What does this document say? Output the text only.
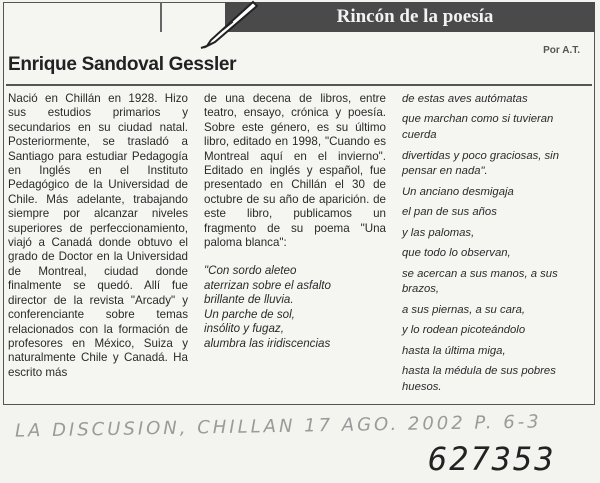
Rincón de la poesía
Por A.T.
Enrique Sandoval Gessler

Nació en Chillán en 1928. Hizo sus estudios primarios y secundarios en su ciudad natal. Posteriormente, se trasladó a Santiago para estudiar Pedagogía en Inglés en el Instituto Pedagógico de la Universidad de Chile. Más adelante, trabajando siempre por alcanzar niveles superiores de perfeccionamiento, viajó a Canadá donde obtuvo el grado de Doctor en la Universidad de Montreal, ciudad donde finalmente se quedó. Allí fue director de la revista "Arcady" y conferenciante sobre temas relacionados con la formación de profesores en México, Suiza y naturalmente Chile y Canadá. Ha escrito más

de una decena de libros, entre teatro, ensayo, crónica y poesía. Sobre este género, es su último libro, editado en 1998, "Cuando es Montreal aquí en el invierno". Editado en inglés y español, fue presentado en Chillán el 30 de octubre de su año de aparición. de este libro, publicamos un fragmento de su poema "Una paloma blanca":

"Con sordo aleteo
aterrizan sobre el asfalto
brillante de lluvia.
Un parche de sol,
insólito y fugaz,
alumbra las iridiscencias
de estas aves autómatas
que marchan como si tuvieran cuerda
divertidas y poco graciosas, sin pensar en nada".
Un anciano desmigaja
el pan de sus años
y las palomas,
que todo lo observan,
se acercan a sus manos, a sus brazos,
a sus piernas, a su cara,
y lo rodean picoteándolo
hasta la última miga,
hasta la médula de sus pobres huesos.
LA DISCUSION, CHILLAN 17 AGO. 2002 P. 6-3
627353
